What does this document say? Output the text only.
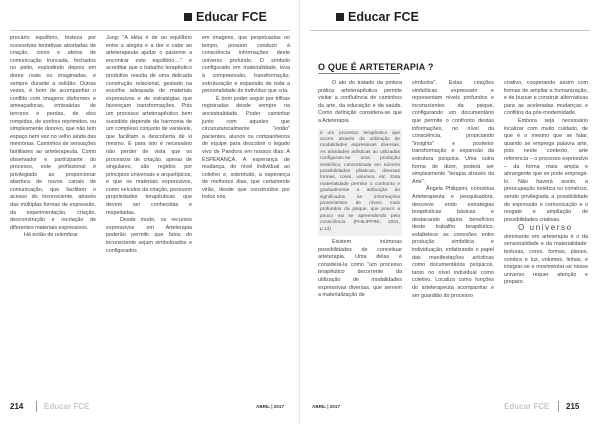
Educar FCE

precário equilíbrio, tristeza por sucessivas tentativas abortadas de criação, cores e afetos de comunicação truncada, fechados no peito, explodindo depois em dores reais ou imaginadas, e sempre durante a solidão. Outras vezes, é bom de acompanhar o conflito com imagens disformes e ameaçadoras, emissárias de terrores e perdas, de elos rompidos, de sonhos reprimidos, ou simplesmente donovo, que não tem espaço nem vez no velho ainda das memórias. Caminhos de sensações familiares ao arteterapeuta. Como observador e partícipante do processo, este profissional é privilegiado ao proporcionar abertura de novos canais de comunicação, que facilitam o acesso do inconsciente, através das múltiplas formas de expressão, da experimentação, criação, desconstrução e recriação de diferentes materiais expressivos.

Há então de relembrar

Jung: "A idéia é de ao equilíbrio entre a alegria e a dor e cabe ao arteterapeuta ajudar o paciente a encontrar este equilíbrio...." e acreditar que o trabalho terapêutico produtivo resulta de uma delicada construção relacional, gestado na escolha adequada de materiais expressivos e de estratégias que favoreçam transformações. Pois um processo arteterapêutico bem sucedido depende da harmonia de um complexo conjunto de variáveis, que facilitam a descoberta de si mesmo. É para isto é necessário não perder de vista que os processos de criação, apesar de singulares, são regidos por princípios universais e arquetípicos, e que os materiais expressivos, como veículos da criação, possuem propriedades terapêuticas que devem ser conhecidas e respeitadas.

Desde modo, os recursos expressivos em Arteterapia poderão permitir que fatos do inconsciente sejam simbolizados e configurados

em imagens, que perpetuadas no tempo, possam conduzir à consciência informações deste universo profundo. O símbolo configurado em materialidade, leva à compreensão, transformação, estruturação e expansão de toda a personalidade do indivíduo que cria.

É bom poder seguir por trilhas registradas desde sempre na ancestralidade. Poder caminhar junto com aqueles que circunstancialmente "estão" pacientes, alunos ou companheiros de equipe para descobrir o legado vivo de Pandora em nossos dias: A ESPERANÇA. A esperança de mudança, do nível individual ao coletivo e, sobretudo, a esperança de melhores dias, que certamente virão, desde que construídos por todos nós.

214	Educar FCE	ABRIL | 2017
Educar FCE
O QUE É ARTETERAPIA ?

O ato do tratado da pintura prática arteterapêutica permite visitar a confluência de caminhos da arte, da educação e da saúde. Como definição considera-se que a Arteterapia

é um processo terapêutico que ocorre através da utilização de modalidades expressivas diversas. As atividades artísticas ao utilizadas configuram-se uma produção simbólica, concretizada em número possibilidades plásticas, diversas formas, cores, volumes, etc. Esta materialidade permite o confronto e gradualmente a atribuição de significados às informações provenientes de níveis mais profundos da psique, que pouco a pouco vai se apreendendo pela consciência. (PHILIPPINI, 2001, p.13)

Existem inúmeras possibilidades de conceituar arteterapia. Uma delas é considerá-la como "um processo terapêutico decorrente da utilização de modalidades expressivas diversas, que servem a materialização de

símbolos". Estas criações simbólicas expressam e representam níveis profundos e inconscientes da psique, configurando um documentário que permite o confronto destas informações, no nível da consciência, propiciando "insights" e posterior transformação e expansão da estrutura psíquica. Uma outra forma de dizer, poderá ser simplesmente "terapia através da Arte".

Ângela Philippini, conceitua Arteterapeuta e pesquisadora, descreve endo estratégias terapêuticas básicas e destacando alguns benefícios deste trabalho terapêutico, estabelece as conexões entre produção simbólica e individuação, enfatizando o papel das manifestações artísticas como documentários psíquicos, tanto no nível individual como coletivo. Localiza como funções do arteterapeuta acompanhar e ser guardião do processo

criativo, cooperando assim com formas de ampliar a humanização, e de buscar e construir alternativas para as aceleradas mudanças e conflitos da pós-modernidade.

Embora seja necessário localizar com muito cuidado, de que é o mesmo que se falar, quando se emprega palavra arte, pois neste contexto, arte referencia – o processo expressivo – da forma mais ampla e abrangente que se pode empregá-lo. Não haverá assim, a preocupação estética ou comércio, sendo privilegiada a possibilidade de expressão e comunicação e o resgate e ampliação de possibilidades criativas.

O universo

dominante em arteterapia é o da sensorialidade e da materialidade: texturas, cores, formas, planos, sombra e luz, volumes, linhas, e integrar-se e movimentar-se nesse universo requer atenção e preparo.

ABRIL | 2017	Educar FCE 215
